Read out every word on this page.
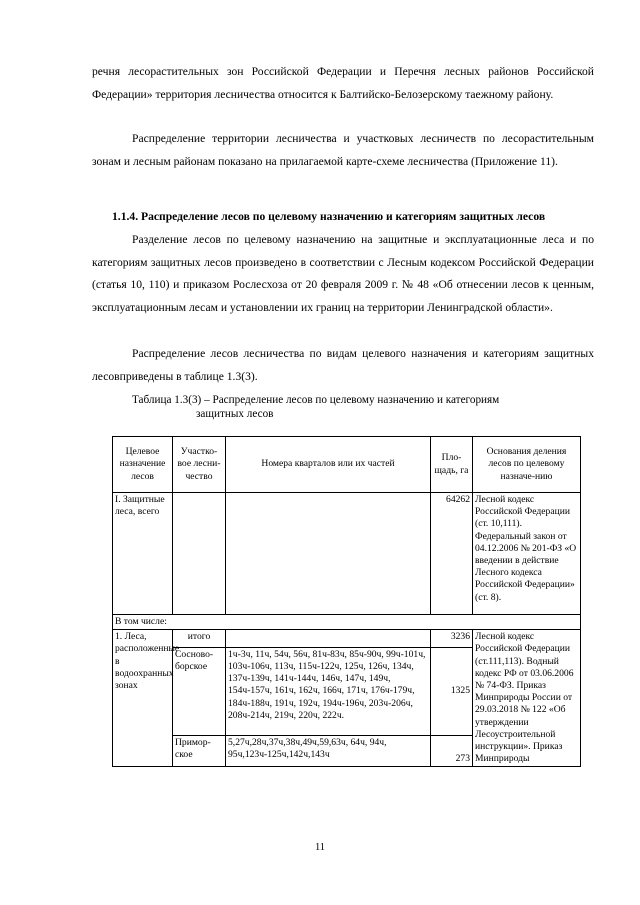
речня лесорастительных зон Российской Федерации и Перечня лесных районов Российской Федерации» территория лесничества относится к Балтийско-Белозерскому таежному району.
Распределение территории лесничества и участковых лесничеств по лесорастительным зонам и лесным районам показано на прилагаемой карте-схеме лесничества (Приложение 11).
1.1.4. Распределение лесов по целевому назначению и категориям защитных лесов
Разделение лесов по целевому назначению на защитные и эксплуатационные леса и по категориям защитных лесов произведено в соответствии с Лесным кодексом Российской Федерации (статья 10, 110) и приказом Рослесхоза от 20 февраля 2009 г. № 48 «Об отнесении лесов к ценным, эксплуатационным лесам и установлении их границ на территории Ленинградской области».
Распределение лесов лесничества по видам целевого назначения и категориям защитных лесовприведены в таблице 1.3(3).
Таблица 1.3(3) – Распределение лесов по целевому назначению и категориям
защитных лесов
Целевое назначение лесов	Участко-вое лесни-чество	Номера кварталов или их частей	Пло-щадь, га	Основания деления лесов по целевому назначе-нию
I. Защитные леса, всего			64262	Лесной кодекс Российской Федерации (ст. 10,111). Федеральный закон от 04.12.2006 № 201-ФЗ «О введении в действие Лесного кодекса Российской Федерации» (ст. 8).
В том числе:				
1. Леса, расположенные в водоохранных зонах	итого		3236	Лесной кодекс Российской Федерации (ст.111,113). Водный кодекс РФ от 03.06.2006 № 74-ФЗ. Приказ Минприроды России от 29.03.2018 № 122 «Об утверждении Лесоустроительной инструкции». Приказ Минприроды
	Сосново-борское	1ч-3ч, 11ч, 54ч, 56ч, 81ч-83ч, 85ч-90ч, 99ч-101ч, 103ч-106ч, 113ч, 115ч-122ч, 125ч, 126ч, 134ч, 137ч-139ч, 141ч-144ч, 146ч, 147ч, 149ч, 154ч-157ч, 161ч, 162ч, 166ч, 171ч, 176ч-179ч, 184ч-188ч, 191ч, 192ч, 194ч-196ч, 203ч-206ч, 208ч-214ч, 219ч, 220ч, 222ч.	1325	
	Примор-ское	5,27ч,28ч,37ч,38ч,49ч,59,63ч, 64ч, 94ч, 95ч,123ч-125ч,142ч,143ч	273	
11
